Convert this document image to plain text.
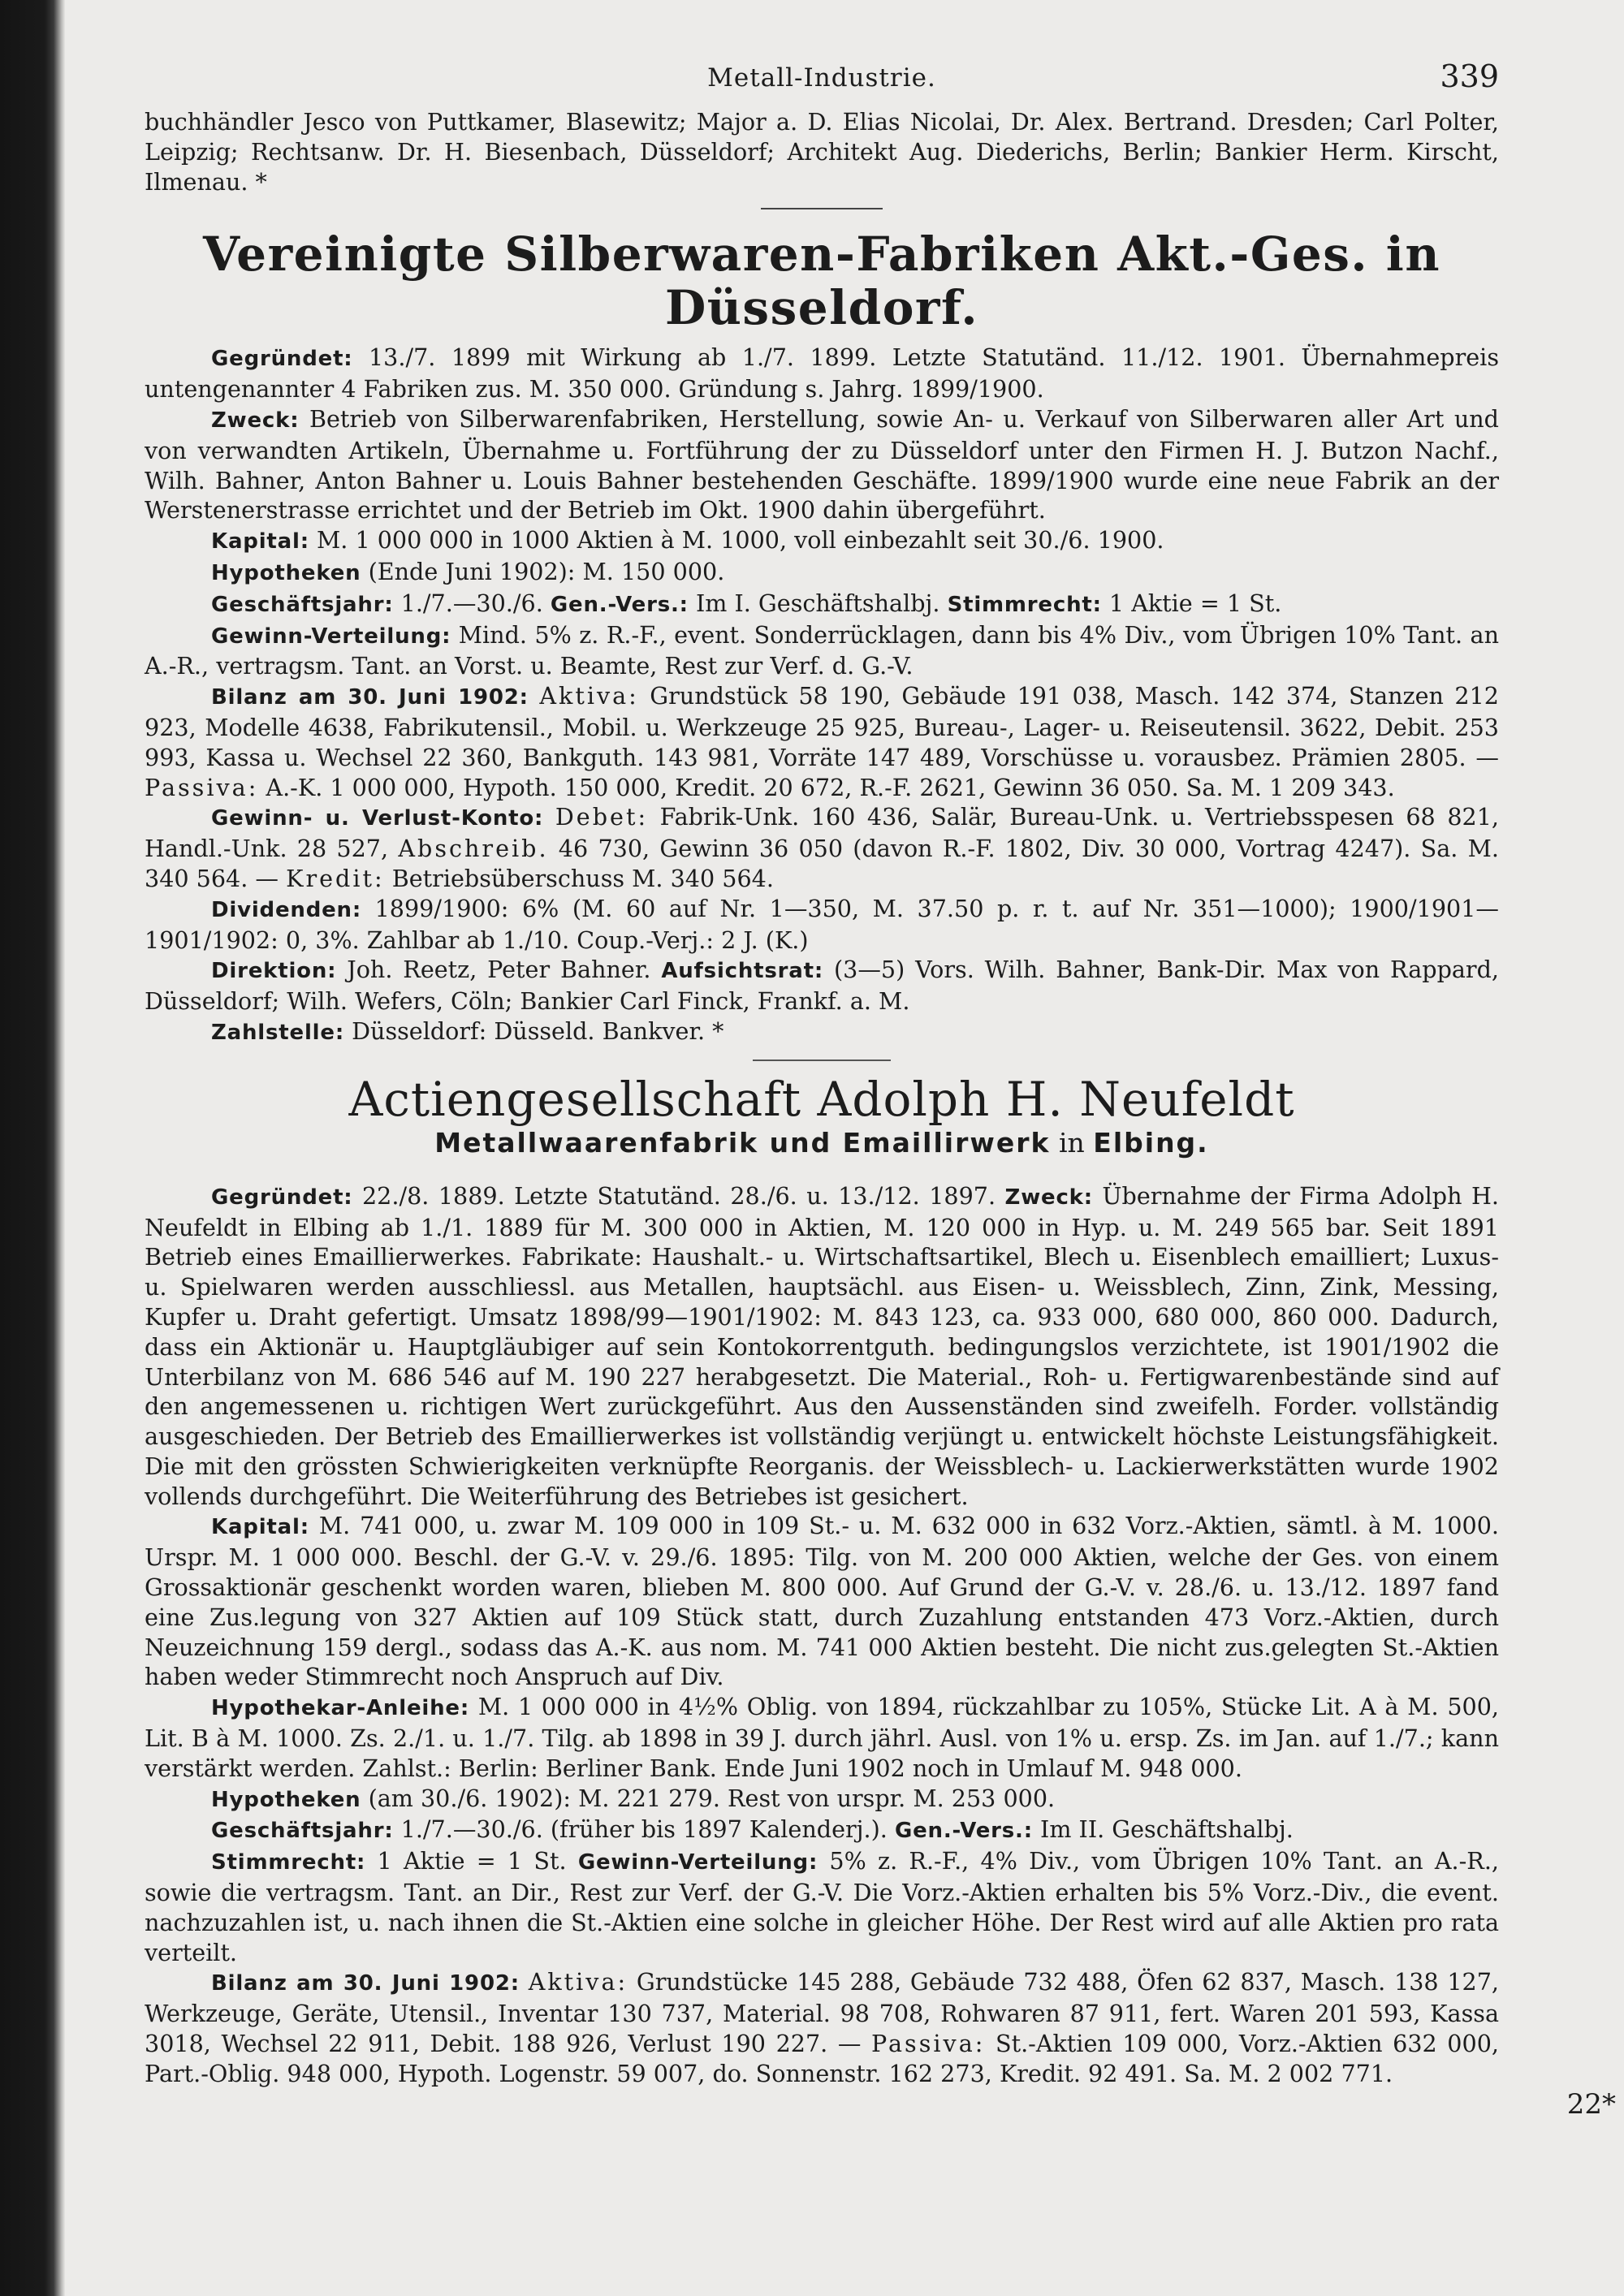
Metall-Industrie.	339

buchhändler Jesco von Puttkamer, Blasewitz; Major a. D. Elias Nicolai, Dr. Alex. Bertrand. Dresden; Carl Polter, Leipzig; Rechtsanw. Dr. H. Biesenbach, Düsseldorf; Architekt Aug. Diederichs, Berlin; Bankier Herm. Kirscht, Ilmenau. *

Vereinigte Silberwaren-Fabriken Akt.-Ges. in Düsseldorf.

Gegründet: 13./7. 1899 mit Wirkung ab 1./7. 1899. Letzte Statutänd. 11./12. 1901. Übernahmepreis untengenannter 4 Fabriken zus. M. 350 000. Gründung s. Jahrg. 1899/1900.

Zweck: Betrieb von Silberwarenfabriken, Herstellung, sowie An- u. Verkauf von Silberwaren aller Art und von verwandten Artikeln, Übernahme u. Fortführung der zu Düsseldorf unter den Firmen H. J. Butzon Nachf., Wilh. Bahner, Anton Bahner u. Louis Bahner bestehenden Geschäfte. 1899/1900 wurde eine neue Fabrik an der Werstenerstrasse errichtet und der Betrieb im Okt. 1900 dahin übergeführt.

Kapital: M. 1 000 000 in 1000 Aktien à M. 1000, voll einbezahlt seit 30./6. 1900.

Hypotheken (Ende Juni 1902): M. 150 000.

Geschäftsjahr: 1./7.—30./6. Gen.-Vers.: Im I. Geschäftshalbj. Stimmrecht: 1 Aktie = 1 St.

Gewinn-Verteilung: Mind. 5% z. R.-F., event. Sonderrücklagen, dann bis 4% Div., vom Übrigen 10% Tant. an A.-R., vertragsm. Tant. an Vorst. u. Beamte, Rest zur Verf. d. G.-V.

Bilanz am 30. Juni 1902: Aktiva: Grundstück 58 190, Gebäude 191 038, Masch. 142 374, Stanzen 212 923, Modelle 4638, Fabrikutensil., Mobil. u. Werkzeuge 25 925, Bureau-, Lager- u. Reiseutensil. 3622, Debit. 253 993, Kassa u. Wechsel 22 360, Bankguth. 143 981, Vorräte 147 489, Vorschüsse u. vorausbez. Prämien 2805. — Passiva: A.-K. 1 000 000, Hypoth. 150 000, Kredit. 20 672, R.-F. 2621, Gewinn 36 050. Sa. M. 1 209 343.

Gewinn- u. Verlust-Konto: Debet: Fabrik-Unk. 160 436, Salär, Bureau-Unk. u. Vertriebsspesen 68 821, Handl.-Unk. 28 527, Abschreib. 46 730, Gewinn 36 050 (davon R.-F. 1802, Div. 30 000, Vortrag 4247). Sa. M. 340 564. — Kredit: Betriebsüberschuss M. 340 564.

Dividenden: 1899/1900: 6% (M. 60 auf Nr. 1—350, M. 37.50 p. r. t. auf Nr. 351—1000); 1900/1901—1901/1902: 0, 3%. Zahlbar ab 1./10. Coup.-Verj.: 2 J. (K.)

Direktion: Joh. Reetz, Peter Bahner. Aufsichtsrat: (3—5) Vors. Wilh. Bahner, Bank-Dir. Max von Rappard, Düsseldorf; Wilh. Wefers, Cöln; Bankier Carl Finck, Frankf. a. M.

Zahlstelle: Düsseldorf: Düsseld. Bankver. *

Actiengesellschaft Adolph H. Neufeldt
Metallwaarenfabrik und Emaillirwerk in Elbing.

Gegründet: 22./8. 1889. Letzte Statutänd. 28./6. u. 13./12. 1897. Zweck: Übernahme der Firma Adolph H. Neufeldt in Elbing ab 1./1. 1889 für M. 300 000 in Aktien, M. 120 000 in Hyp. u. M. 249 565 bar. Seit 1891 Betrieb eines Emaillierwerkes. Fabrikate: Haushalt.- u. Wirtschaftsartikel, Blech u. Eisenblech emailliert; Luxus- u. Spielwaren werden ausschliessl. aus Metallen, hauptsächl. aus Eisen- u. Weissblech, Zinn, Zink, Messing, Kupfer u. Draht gefertigt. Umsatz 1898/99—1901/1902: M. 843 123, ca. 933 000, 680 000, 860 000. Dadurch, dass ein Aktionär u. Hauptgläubiger auf sein Kontokorrentguth. bedingungslos verzichtete, ist 1901/1902 die Unterbilanz von M. 686 546 auf M. 190 227 herabgesetzt. Die Material., Roh- u. Fertigwarenbestände sind auf den angemessenen u. richtigen Wert zurückgeführt. Aus den Aussenständen sind zweifelh. Forder. vollständig ausgeschieden. Der Betrieb des Emaillierwerkes ist vollständig verjüngt u. entwickelt höchste Leistungsfähigkeit. Die mit den grössten Schwierigkeiten verknüpfte Reorganis. der Weissblech- u. Lackierwerkstätten wurde 1902 vollends durchgeführt. Die Weiterführung des Betriebes ist gesichert.

Kapital: M. 741 000, u. zwar M. 109 000 in 109 St.- u. M. 632 000 in 632 Vorz.-Aktien, sämtl. à M. 1000. Urspr. M. 1 000 000. Beschl. der G.-V. v. 29./6. 1895: Tilg. von M. 200 000 Aktien, welche der Ges. von einem Grossaktionär geschenkt worden waren, blieben M. 800 000. Auf Grund der G.-V. v. 28./6. u. 13./12. 1897 fand eine Zus.legung von 327 Aktien auf 109 Stück statt, durch Zuzahlung entstanden 473 Vorz.-Aktien, durch Neuzeichnung 159 dergl., sodass das A.-K. aus nom. M. 741 000 Aktien besteht. Die nicht zus.gelegten St.-Aktien haben weder Stimmrecht noch Anspruch auf Div.

Hypothekar-Anleihe: M. 1 000 000 in 4½% Oblig. von 1894, rückzahlbar zu 105%, Stücke Lit. A à M. 500, Lit. B à M. 1000. Zs. 2./1. u. 1./7. Tilg. ab 1898 in 39 J. durch jährl. Ausl. von 1% u. ersp. Zs. im Jan. auf 1./7.; kann verstärkt werden. Zahlst.: Berlin: Berliner Bank. Ende Juni 1902 noch in Umlauf M. 948 000.

Hypotheken (am 30./6. 1902): M. 221 279. Rest von urspr. M. 253 000.

Geschäftsjahr: 1./7.—30./6. (früher bis 1897 Kalenderj.). Gen.-Vers.: Im II. Geschäftshalbj.

Stimmrecht: 1 Aktie = 1 St. Gewinn-Verteilung: 5% z. R.-F., 4% Div., vom Übrigen 10% Tant. an A.-R., sowie die vertragsm. Tant. an Dir., Rest zur Verf. der G.-V. Die Vorz.-Aktien erhalten bis 5% Vorz.-Div., die event. nachzuzahlen ist, u. nach ihnen die St.-Aktien eine solche in gleicher Höhe. Der Rest wird auf alle Aktien pro rata verteilt.

Bilanz am 30. Juni 1902: Aktiva: Grundstücke 145 288, Gebäude 732 488, Öfen 62 837, Masch. 138 127, Werkzeuge, Geräte, Utensil., Inventar 130 737, Material. 98 708, Rohwaren 87 911, fert. Waren 201 593, Kassa 3018, Wechsel 22 911, Debit. 188 926, Verlust 190 227. — Passiva: St.-Aktien 109 000, Vorz.-Aktien 632 000, Part.-Oblig. 948 000, Hypoth. Logenstr. 59 007, do. Sonnenstr. 162 273, Kredit. 92 491. Sa. M. 2 002 771.

22*
